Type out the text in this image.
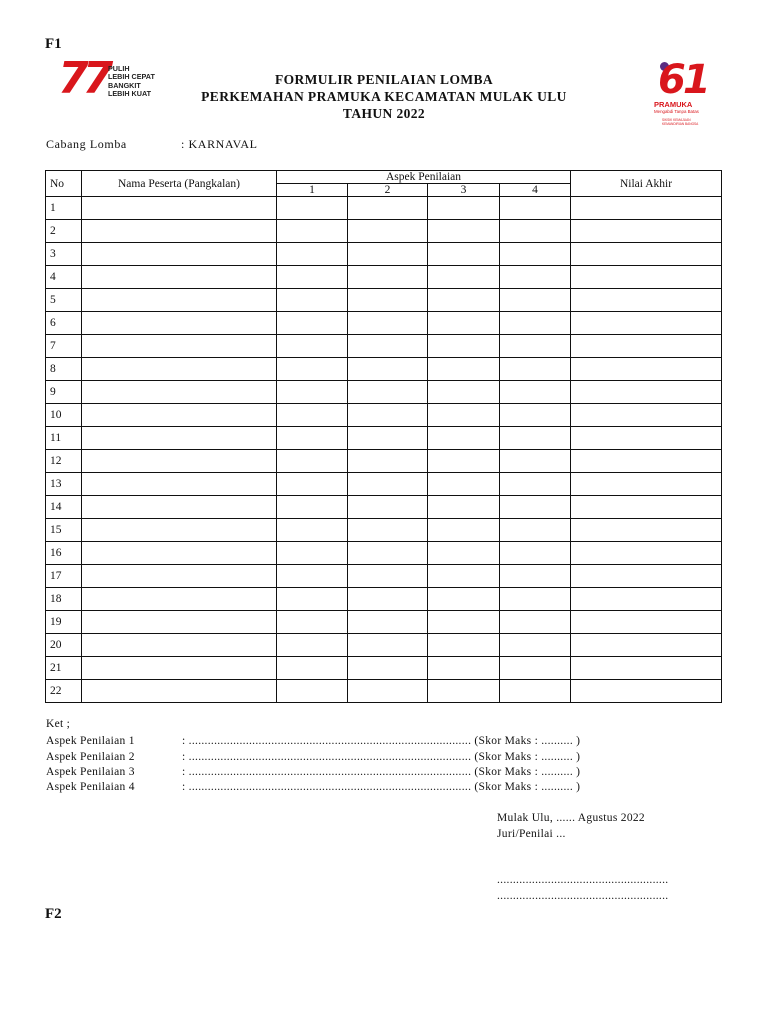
F1
77 PULIH
LEBIH CEPAT
BANGKIT
LEBIH KUAT
FORMULIR PENILAIAN LOMBA
PERKEMAHAN PRAMUKA KECAMATAN MULAK ULU
TAHUN 2022
61
PRAMUKA
Mengabdi Tanpa Batas
SIKSIK KEMAJUAN
KEMANDIRIAN BANGSA
Cabang Lomba	: KARNAVAL
No	Nama Peserta (Pangkalan)	Aspek Penilaian				Nilai Akhir
		1	2	3	4	
1						
2						
3						
4						
5						
6						
7						
8						
9						
10						
11						
12						
13						
14						
15						
16						
17						
18						
19						
20						
21						
22						
Ket ;
Aspek Penilaian 1	: ......................................................................................... (Skor Maks : .......... )
Aspek Penilaian 2	: ......................................................................................... (Skor Maks : .......... )
Aspek Penilaian 3	: ......................................................................................... (Skor Maks : .......... )
Aspek Penilaian 4	: ......................................................................................... (Skor Maks : .......... )
Mulak Ulu, ...... Agustus 2022
Juri/Penilai ...
......................................................
......................................................
F2
